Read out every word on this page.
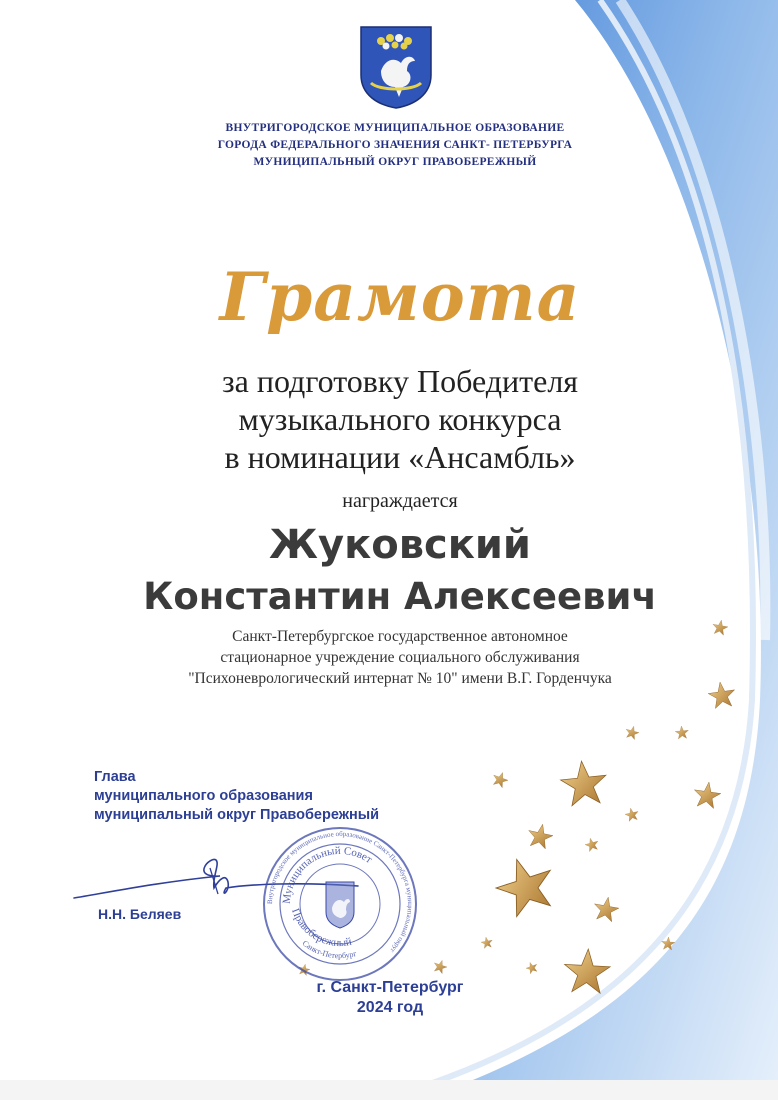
ВНУТРИГОРОДСКОЕ МУНИЦИПАЛЬНОЕ ОБРАЗОВАНИЕ
ГОРОДА ФЕДЕРАЛЬНОГО ЗНАЧЕНИЯ САНКТ- ПЕТЕРБУРГА
МУНИЦИПАЛЬНЫЙ ОКРУГ ПРАВОБЕРЕЖНЫЙ
Грамота
за подготовку Победителя
музыкального конкурса
в номинации «Ансамбль»
награждается
Жуковский
Константин Алексеевич
Санкт-Петербургское государственное автономное
стационарное учреждение социального обслуживания
"Психоневрологический интернат № 10" имени В.Г. Горденчука
Глава
муниципального образования
муниципальный округ Правобережный
Н.Н. Беляев
Внутригородское муниципальное образование Санкт-Петербурга муниципальный округ
Муниципальный Совет
Правобережный
Санкт-Петербург
г. Санкт-Петербург
2024 год
